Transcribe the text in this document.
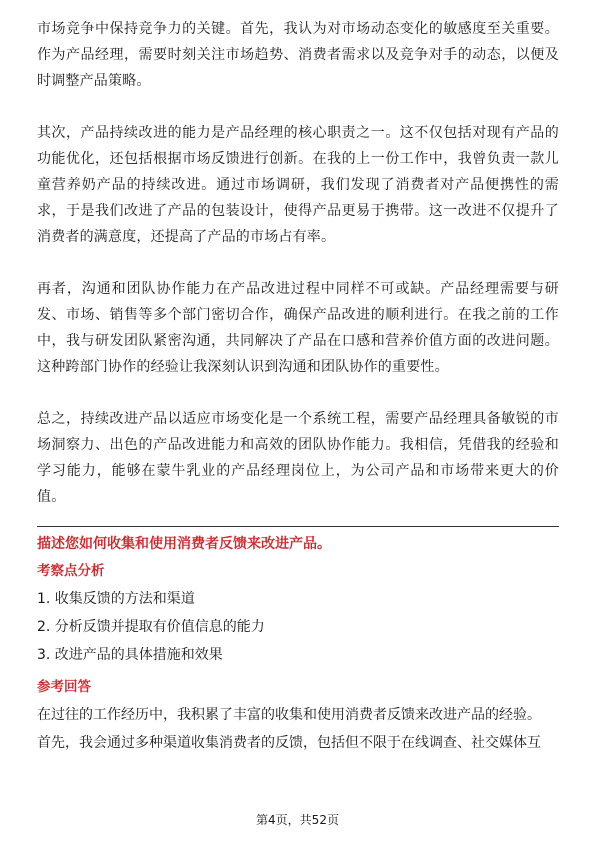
市场竞争中保持竞争力的关键。首先，我认为对市场动态变化的敏感度至关重要。作为产品经理，需要时刻关注市场趋势、消费者需求以及竞争对手的动态，以便及时调整产品策略。

其次，产品持续改进的能力是产品经理的核心职责之一。这不仅包括对现有产品的功能优化，还包括根据市场反馈进行创新。在我的上一份工作中，我曾负责一款儿童营养奶产品的持续改进。通过市场调研，我们发现了消费者对产品便携性的需求，于是我们改进了产品的包装设计，使得产品更易于携带。这一改进不仅提升了消费者的满意度，还提高了产品的市场占有率。

再者，沟通和团队协作能力在产品改进过程中同样不可或缺。产品经理需要与研发、市场、销售等多个部门密切合作，确保产品改进的顺利进行。在我之前的工作中，我与研发团队紧密沟通，共同解决了产品在口感和营养价值方面的改进问题。这种跨部门协作的经验让我深刻认识到沟通和团队协作的重要性。

总之，持续改进产品以适应市场变化是一个系统工程，需要产品经理具备敏锐的市场洞察力、出色的产品改进能力和高效的团队协作能力。我相信，凭借我的经验和学习能力，能够在蒙牛乳业的产品经理岗位上，为公司产品和市场带来更大的价值。

描述您如何收集和使用消费者反馈来改进产品。
考察点分析

1. 收集反馈的方法和渠道

2. 分析反馈并提取有价值信息的能力

3. 改进产品的具体措施和效果

参考回答

在过往的工作经历中，我积累了丰富的收集和使用消费者反馈来改进产品的经验。

首先，我会通过多种渠道收集消费者的反馈，包括但不限于在线调查、社交媒体互

第4页，共52页
